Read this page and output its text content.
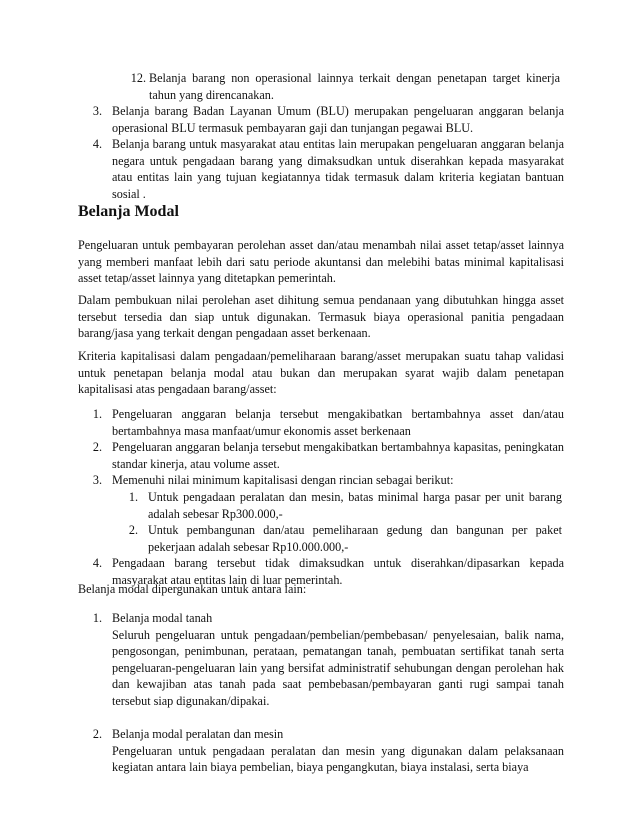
12. Belanja barang non operasional lainnya terkait dengan penetapan target kinerja tahun yang direncanakan.
3. Belanja barang Badan Layanan Umum (BLU) merupakan pengeluaran anggaran belanja operasional BLU termasuk pembayaran gaji dan tunjangan pegawai BLU.
4. Belanja barang untuk masyarakat atau entitas lain merupakan pengeluaran anggaran belanja negara untuk pengadaan barang yang dimaksudkan untuk diserahkan kepada masyarakat atau entitas lain yang tujuan kegiatannya tidak termasuk dalam kriteria kegiatan bantuan sosial .
Belanja Modal

Pengeluaran untuk pembayaran perolehan asset dan/atau menambah nilai asset tetap/asset lainnya yang memberi manfaat lebih dari satu periode akuntansi dan melebihi batas minimal kapitalisasi asset tetap/asset lainnya yang ditetapkan pemerintah.

Dalam pembukuan nilai perolehan aset dihitung semua pendanaan yang dibutuhkan hingga asset tersebut tersedia dan siap untuk digunakan. Termasuk biaya operasional panitia pengadaan barang/jasa yang terkait dengan pengadaan asset berkenaan.

Kriteria kapitalisasi dalam pengadaan/pemeliharaan barang/asset merupakan suatu tahap validasi untuk penetapan belanja modal atau bukan dan merupakan syarat wajib dalam penetapan kapitalisasi atas pengadaan barang/asset:

1. Pengeluaran anggaran belanja tersebut mengakibatkan bertambahnya asset dan/atau bertambahnya masa manfaat/umur ekonomis asset berkenaan
2. Pengeluaran anggaran belanja tersebut mengakibatkan bertambahnya kapasitas, peningkatan standar kinerja, atau volume asset.
3. Memenuhi nilai minimum kapitalisasi dengan rincian sebagai berikut:
1. Untuk pengadaan peralatan dan mesin, batas minimal harga pasar per unit barang adalah sebesar Rp300.000,-
2. Untuk pembangunan dan/atau pemeliharaan gedung dan bangunan per paket pekerjaan adalah sebesar Rp10.000.000,-
4. Pengadaan barang tersebut tidak dimaksudkan untuk diserahkan/dipasarkan kepada masyarakat atau entitas lain di luar pemerintah.

Belanja modal dipergunakan untuk antara lain:

1. Belanja modal tanah
Seluruh pengeluaran untuk pengadaan/pembelian/pembebasan/ penyelesaian, balik nama, pengosongan, penimbunan, perataan, pematangan tanah, pembuatan sertifikat tanah serta pengeluaran-pengeluaran lain yang bersifat administratif sehubungan dengan perolehan hak dan kewajiban atas tanah pada saat pembebasan/pembayaran ganti rugi sampai tanah tersebut siap digunakan/dipakai.
2. Belanja modal peralatan dan mesin
Pengeluaran untuk pengadaan peralatan dan mesin yang digunakan dalam pelaksanaan kegiatan antara lain biaya pembelian, biaya pengangkutan, biaya instalasi, serta biaya
